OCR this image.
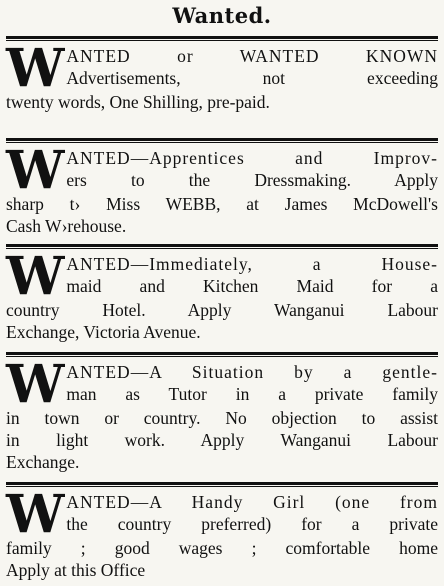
Wanted.
W ANTED or WANTED KNOWN
Advertisements, not exceeding
twenty words, One Shilling, pre-paid.
W ANTED—Apprentices and Improv-
ers to the Dressmaking. Apply
sharp t› Miss WEBB, at James McDowell's
Cash W›rehouse.
W ANTED—Immediately, a House-
maid and Kitchen Maid for a
country Hotel. Apply Wanganui Labour
Exchange, Victoria Avenue.
W ANTED—A Situation by a gentle-
man as Tutor in a private family
in town or country. No objection to assist
in light work. Apply Wanganui Labour
Exchange.
W ANTED—A Handy Girl (one from
the country preferred) for a private
family ; good wages ; comfortable home
Apply at this Office
